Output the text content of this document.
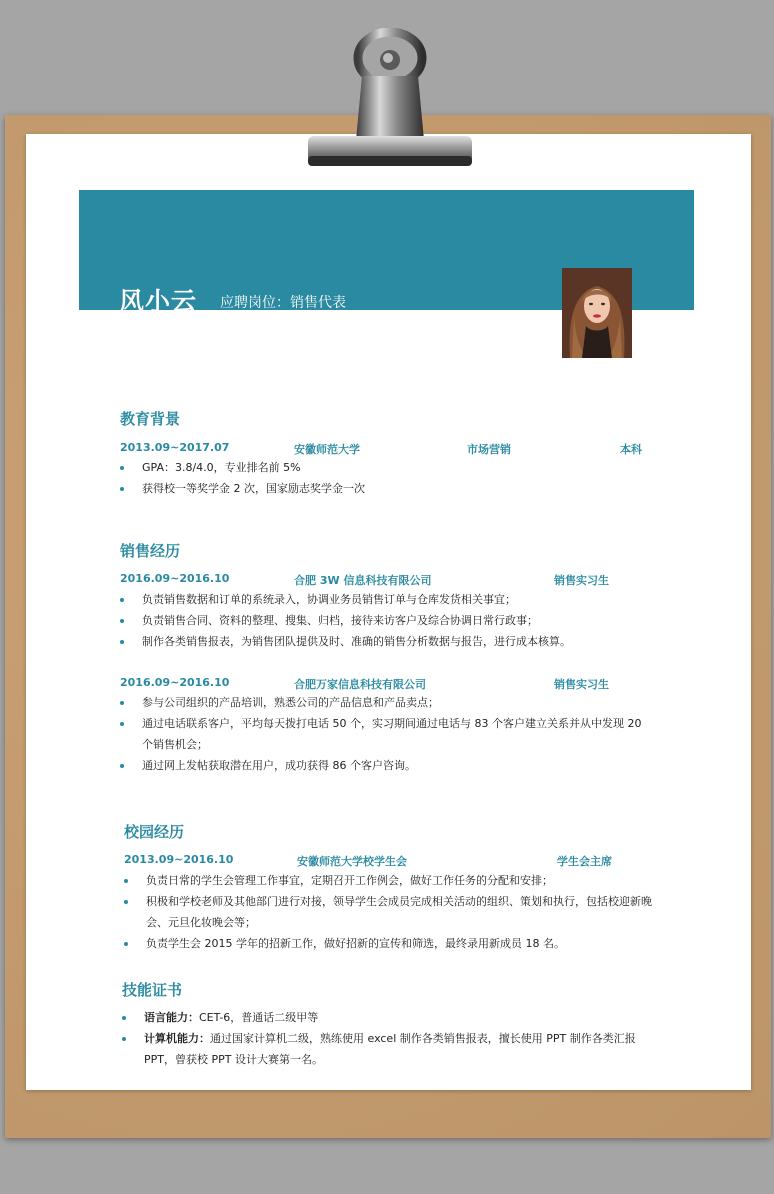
风小云 应聘岗位：销售代表
教育背景
2013.09~2017.07	安徽师范大学	市场营销	本科
GPA：3.8/4.0，专业排名前 5%
获得校一等奖学金 2 次，国家励志奖学金一次
销售经历
2016.09~2016.10	合肥 3W 信息科技有限公司	销售实习生
负责销售数据和订单的系统录入，协调业务员销售订单与仓库发货相关事宜；
负责销售合同、资料的整理、搜集、归档，接待来访客户及综合协调日常行政事；
制作各类销售报表，为销售团队提供及时、准确的销售分析数据与报告，进行成本核算。
2016.09~2016.10	合肥万家信息科技有限公司	销售实习生
参与公司组织的产品培训，熟悉公司的产品信息和产品卖点；
通过电话联系客户，平均每天拨打电话 50 个，实习期间通过电话与 83 个客户建立关系并从中发现 20 个销售机会；
通过网上发帖获取潜在用户，成功获得 86 个客户咨询。
校园经历
2013.09~2016.10	安徽师范大学校学生会	学生会主席
负责日常的学生会管理工作事宜，定期召开工作例会，做好工作任务的分配和安排；
积极和学校老师及其他部门进行对接，领导学生会成员完成相关活动的组织、策划和执行，包括校迎新晚会、元旦化妆晚会等；
负责学生会 2015 学年的招新工作，做好招新的宣传和筛选，最终录用新成员 18 名。
技能证书
语言能力：CET-6，普通话二级甲等
计算机能力：通过国家计算机二级，熟练使用 excel 制作各类销售报表，擅长使用 PPT 制作各类汇报 PPT，曾获校 PPT 设计大赛第一名。
